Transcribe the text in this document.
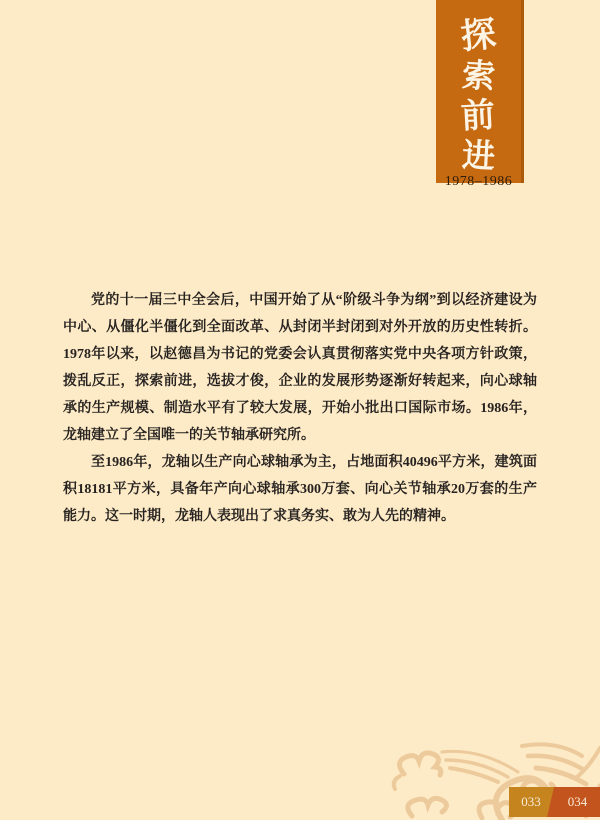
探
索
前
进
1978–1986

党的十一届三中全会后，中国开始了从“阶级斗争为纲”到以经济建设为中心、从僵化半僵化到全面改革、从封闭半封闭到对外开放的历史性转折。1978年以来，以赵德昌为书记的党委会认真贯彻落实党中央各项方针政策，拨乱反正，探索前进，选拔才俊，企业的发展形势逐渐好转起来，向心球轴承的生产规模、制造水平有了较大发展，开始小批出口国际市场。1986年，龙轴建立了全国唯一的关节轴承研究所。

至1986年，龙轴以生产向心球轴承为主，占地面积40496平方米，建筑面积18181平方米，具备年产向心球轴承300万套、向心关节轴承20万套的生产能力。这一时期，龙轴人表现出了求真务实、敢为人先的精神。

033	034
